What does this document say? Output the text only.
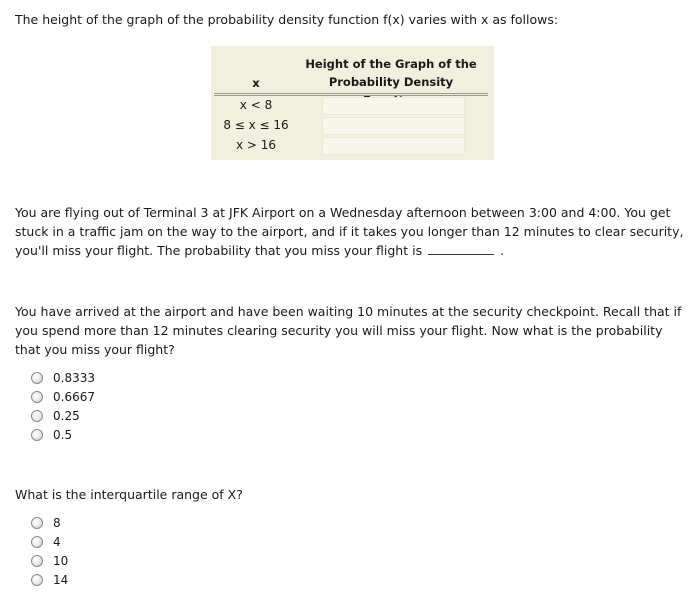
The height of the graph of the probability density function f(x) varies with x as follows:

x
Height of the Graph of the
Probability Density
x < 8
8 ≤ x ≤ 16
x > 16

You are flying out of Terminal 3 at JFK Airport on a Wednesday afternoon between 3:00 and 4:00. You get stuck in a traffic jam on the way to the airport, and if it takes you longer than 12 minutes to clear security, you'll miss your flight. The probability that you miss your flight is	.

You have arrived at the airport and have been waiting 10 minutes at the security checkpoint. Recall that if you spend more than 12 minutes clearing security you will miss your flight. Now what is the probability that you miss your flight?

0.8333
0.6667
0.25
0.5

What is the interquartile range of X?

8
4
10
14
